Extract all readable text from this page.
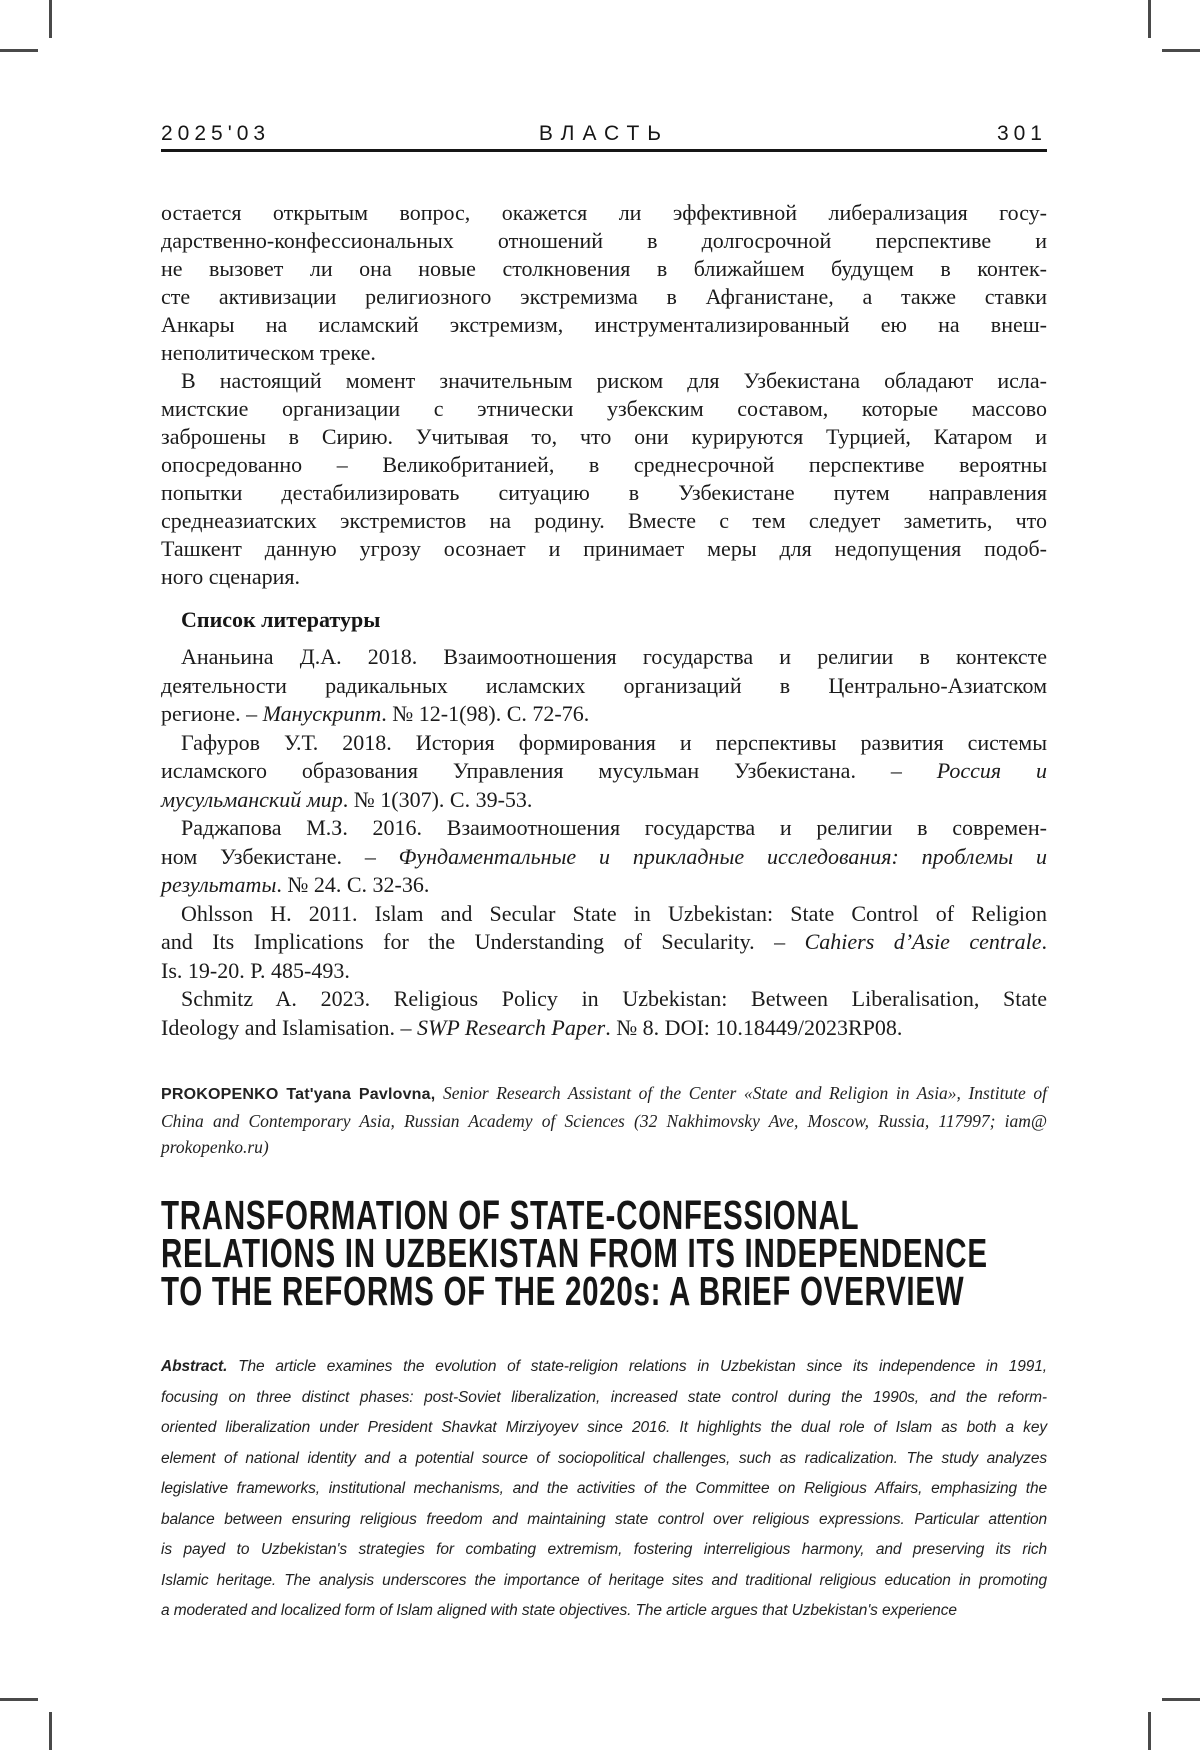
2025'03	ВЛАСТЬ	301
остается открытым вопрос, окажется ли эффективной либерализация госу-
дарственно-конфессиональных отношений в долгосрочной перспективе и
не вызовет ли она новые столкновения в ближайшем будущем в контек-
сте активизации религиозного экстремизма в Афганистане, а также ставки
Анкары на исламский экстремизм, инструментализированный ею на внеш-
неполитическом треке.
В настоящий момент значительным риском для Узбекистана обладают исла-
мистские организации с этнически узбекским составом, которые массово
заброшены в Сирию. Учитывая то, что они курируются Турцией, Катаром и
опосредованно – Великобританией, в среднесрочной перспективе вероятны
попытки дестабилизировать ситуацию в Узбекистане путем направления
среднеазиатских экстремистов на родину. Вместе с тем следует заметить, что
Ташкент данную угрозу осознает и принимает меры для недопущения подоб-
ного сценария.
Список литературы
Ананьина Д.А. 2018. Взаимоотношения государства и религии в контексте
деятельности радикальных исламских организаций в Центрально-Азиатском
регионе. – Манускрипт. № 12-1(98). С. 72-76.
Гафуров У.Т. 2018. История формирования и перспективы развития системы
исламского образования Управления мусульман Узбекистана. – Россия и
мусульманский мир. № 1(307). С. 39-53.
Раджапова М.З. 2016. Взаимоотношения государства и религии в современ-
ном Узбекистане. – Фундаментальные и прикладные исследования: проблемы и
результаты. № 24. С. 32-36.
Ohlsson H. 2011. Islam and Secular State in Uzbekistan: State Control of Religion
and Its Implications for the Understanding of Secularity. – Cahiers d’Asie centrale.
Is. 19-20. P. 485-493.
Schmitz A. 2023. Religious Policy in Uzbekistan: Between Liberalisation, State
Ideology and Islamisation. – SWP Research Paper. № 8. DOI: 10.18449/2023RP08.
PROKOPENKO Tat'yana Pavlovna, Senior Research Assistant of the Center «State and Religion in Asia», Institute of
China and Contemporary Asia, Russian Academy of Sciences (32 Nakhimovsky Ave, Moscow, Russia, 117997; iam@
prokopenko.ru)
TRANSFORMATION OF STATE-CONFESSIONAL
RELATIONS IN UZBEKISTAN FROM ITS INDEPENDENCE
TO THE REFORMS OF THE 2020s: A BRIEF OVERVIEW
Abstract. The article examines the evolution of state-religion relations in Uzbekistan since its independence in 1991,
focusing on three distinct phases: post-Soviet liberalization, increased state control during the 1990s, and the reform-
oriented liberalization under President Shavkat Mirziyoyev since 2016. It highlights the dual role of Islam as both a key
element of national identity and a potential source of sociopolitical challenges, such as radicalization. The study analyzes
legislative frameworks, institutional mechanisms, and the activities of the Committee on Religious Affairs, emphasizing the
balance between ensuring religious freedom and maintaining state control over religious expressions. Particular attention
is payed to Uzbekistan's strategies for combating extremism, fostering interreligious harmony, and preserving its rich
Islamic heritage. The analysis underscores the importance of heritage sites and traditional religious education in promoting
a moderated and localized form of Islam aligned with state objectives. The article argues that Uzbekistan's experience
